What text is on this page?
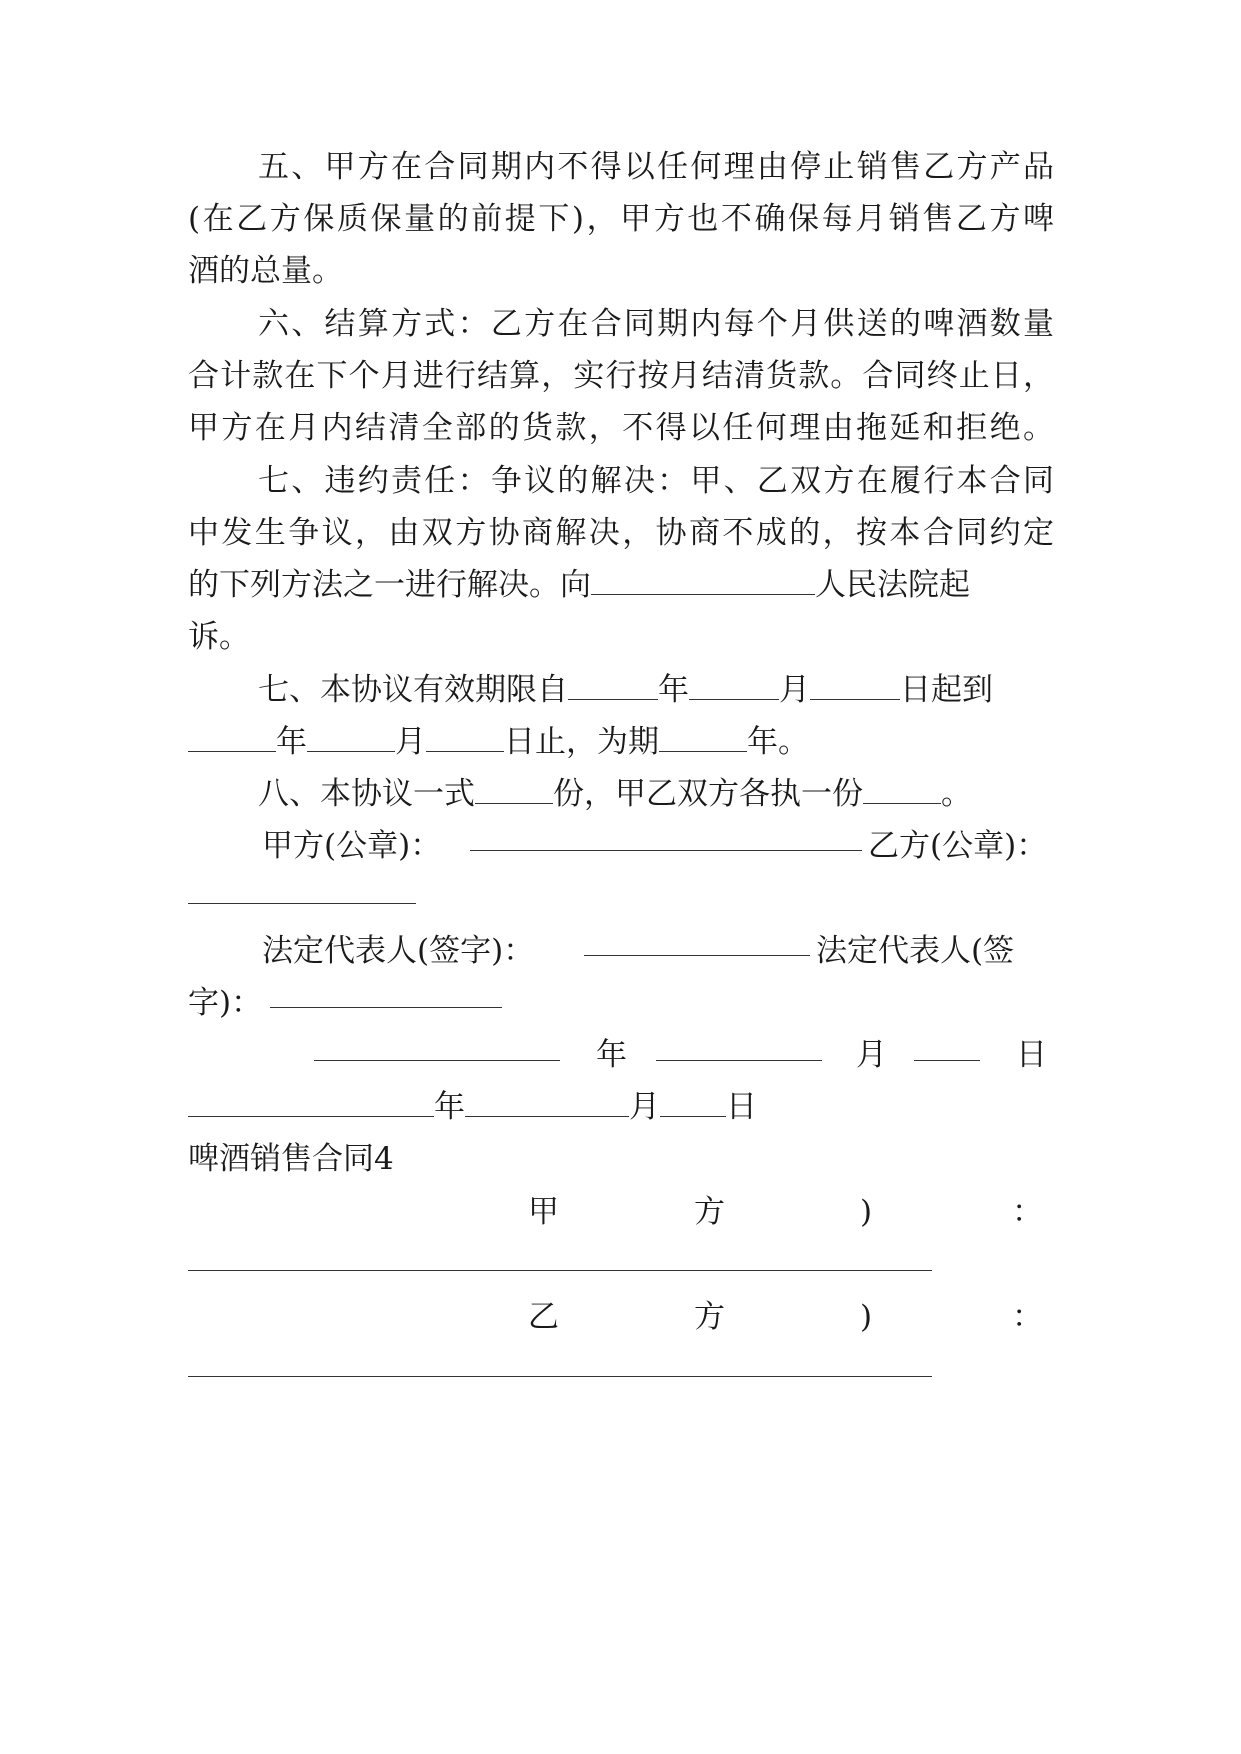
五、甲方在合同期内不得以任何理由停止销售乙方产品
(在乙方保质保量的前提下)，甲方也不确保每月销售乙方啤
酒的总量。
六、结算方式：乙方在合同期内每个月供送的啤酒数量
合计款在下个月进行结算，实行按月结清货款。合同终止日，
甲方在月内结清全部的货款，不得以任何理由拖延和拒绝。
七、违约责任：争议的解决：甲、乙双方在履行本合同
中发生争议，由双方协商解决，协商不成的，按本合同约定
的下列方法之一进行解决。向	人民法院起
诉。
七、本协议有效期限自	年	月	日起到
年	月	日止，为期	年。
八、本协议一式	份，甲乙双方各执一份	。
甲方(公章)：	乙方(公章)：
法定代表人(签字)：	法定代表人(签
字)：
年	月	日
年	月 日
啤酒销售合同4
甲	方	)	：
乙	方	)	：
